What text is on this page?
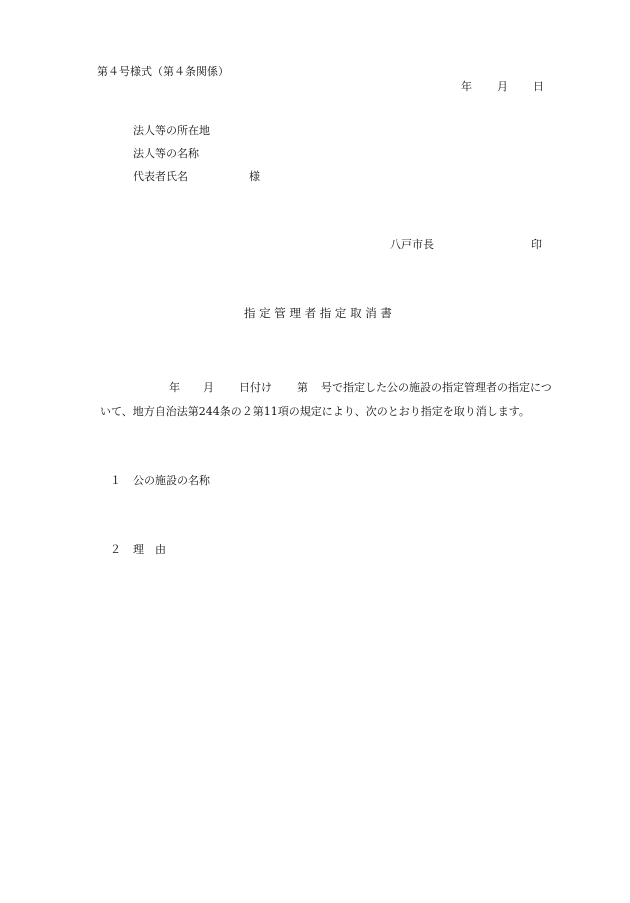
第４号様式（第４条関係）
年 月 日
法人等の所在地
法人等の名称
代表者氏名	様
八戸市長	印
指 定 管 理 者 指 定 取 消 書
年 月 日付け 第 号で指定した公の施設の指定管理者の指定につ
いて、地方自治法第244条の２第11項の規定により、次のとおり指定を取り消します。
１ 公の施設の名称
２ 理　由
